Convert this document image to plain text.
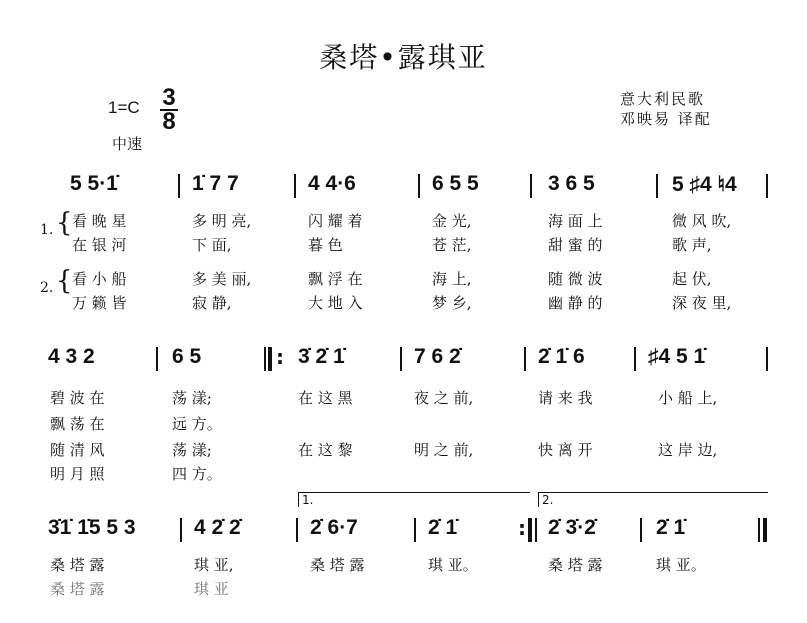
桑塔•露琪亚
意大利民歌
邓映易 译配
1=C 3
8
中速
5 5·1̇	1̇ 7 7	4 4·6	6 5 5	3 6 5	5 ♯4 ♮4
1. {
2. {
看 晚 星	多 明 亮,	闪 耀 着	金 光,	海 面 上	微 风 吹,
在 银 河	下 面,	暮 色	苍 茫,	甜 蜜 的	歌 声,
看 小 船	多 美 丽,	飘 浮 在	海 上,	随 微 波	起 伏,
万 籁 皆	寂 静,	大 地 入	梦 乡,	幽 静 的	深 夜 里,
4 3 2	6 5	3̇ 2̇ 1̇	7 6 2̇	2̇ 1̇ 6	♯4 5 1̇
:
碧 波 在	荡 漾;	在 这 黑	夜 之 前,	请 来 我	小 船 上,
飘 荡 在	远 方。
随 清 风	荡 漾;	在 这 黎	明 之 前,	快 离 开	这 岸 边,
明 月 照	四 方。
1.	2.
3̇1̇ 1̇5 5 3	4 2̇ 2̇	2̇ 6·7	2̇ 1̇	2̇ 3̇·2̇	2̇ 1̇
:
桑 塔 露	琪 亚,	桑 塔 露	琪 亚。	桑 塔 露	琪 亚。
桑 塔 露	琪 亚
